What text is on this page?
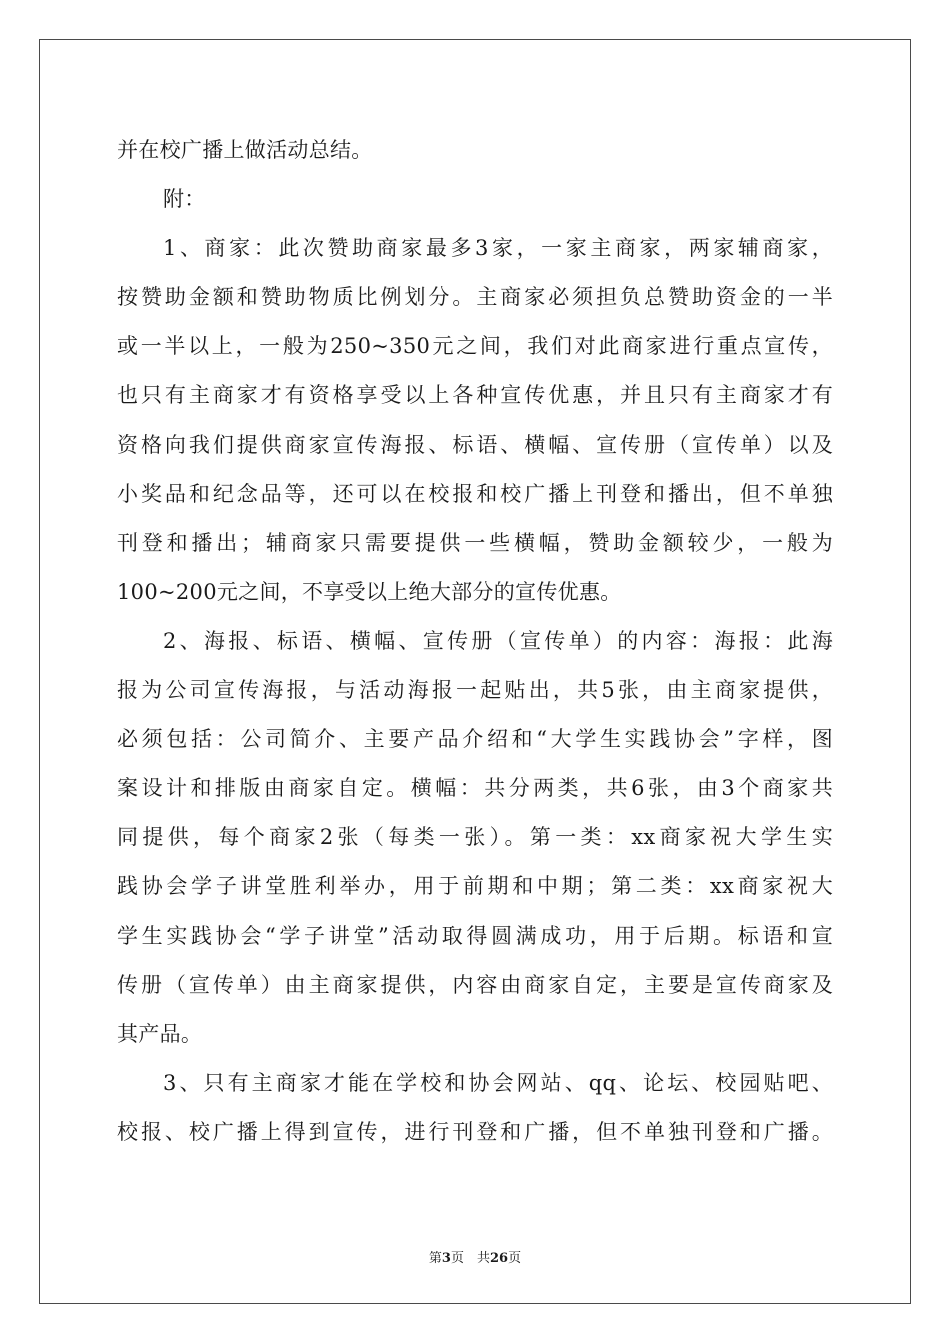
并在校广播上做活动总结。
附：
1、商家：此次赞助商家最多3家，一家主商家，两家辅商家，
按赞助金额和赞助物质比例划分。主商家必须担负总赞助资金的一半
或一半以上，一般为250~350元之间，我们对此商家进行重点宣传，
也只有主商家才有资格享受以上各种宣传优惠，并且只有主商家才有
资格向我们提供商家宣传海报、标语、横幅、宣传册（宣传单）以及
小奖品和纪念品等，还可以在校报和校广播上刊登和播出，但不单独
刊登和播出；辅商家只需要提供一些横幅，赞助金额较少，一般为
100~200元之间，不享受以上绝大部分的宣传优惠。
2、海报、标语、横幅、宣传册（宣传单）的内容：海报：此海
报为公司宣传海报，与活动海报一起贴出，共5张，由主商家提供，
必须包括：公司简介、主要产品介绍和“大学生实践协会”字样，图
案设计和排版由商家自定。横幅：共分两类，共6张，由3个商家共
同提供，每个商家2张（每类一张）。第一类：xx商家祝大学生实
践协会学子讲堂胜利举办，用于前期和中期；第二类：xx商家祝大
学生实践协会“学子讲堂”活动取得圆满成功，用于后期。标语和宣
传册（宣传单）由主商家提供，内容由商家自定，主要是宣传商家及
其产品。
3、只有主商家才能在学校和协会网站、qq、论坛、校园贴吧、
校报、校广播上得到宣传，进行刊登和广播，但不单独刊登和广播。
第3页　共26页
